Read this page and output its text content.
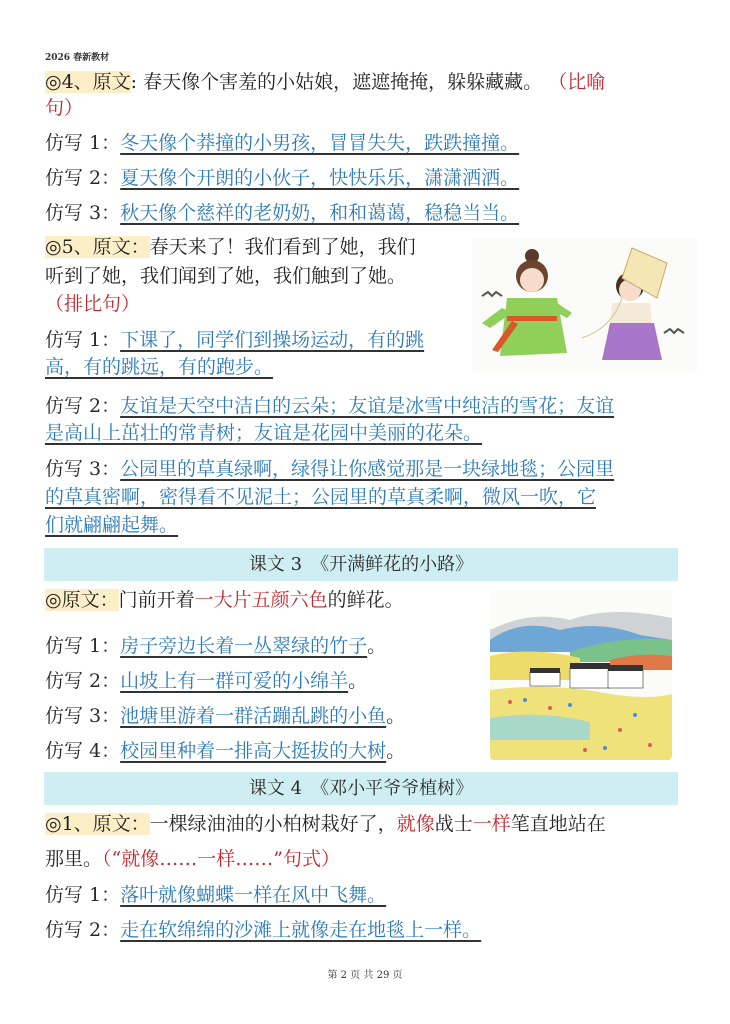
2026 春新教材
◎4、原文: 春天像个害羞的小姑娘，遮遮掩掩，躲躲藏藏。 （比喻
句）
仿写 1：冬天像个莽撞的小男孩，冒冒失失，跌跌撞撞。
仿写 2：夏天像个开朗的小伙子，快快乐乐，潇潇洒洒。
仿写 3：秋天像个慈祥的老奶奶，和和蔼蔼，稳稳当当。
◎5、原文：春天来了！我们看到了她，我们
听到了她，我们闻到了她，我们触到了她。
（排比句）
仿写 1：下课了，同学们到操场运动，有的跳
高，有的跳远，有的跑步。
仿写 2：友谊是天空中洁白的云朵；友谊是冰雪中纯洁的雪花；友谊
是高山上茁壮的常青树；友谊是花园中美丽的花朵。
仿写 3：公园里的草真绿啊，绿得让你感觉那是一块绿地毯；公园里
的草真密啊，密得看不见泥土；公园里的草真柔啊，微风一吹，它
们就翩翩起舞。
课文 3　《开满鲜花的小路》
◎原文：门前开着一大片五颜六色的鲜花。
仿写 1：房子旁边长着一丛翠绿的竹子。
仿写 2：山坡上有一群可爱的小绵羊。
仿写 3：池塘里游着一群活蹦乱跳的小鱼。
仿写 4：校园里种着一排高大挺拔的大树。
课文 4　《邓小平爷爷植树》
◎1、原文：一棵绿油油的小柏树栽好了，就像战士一样笔直地站在
那里。（“就像……一样……”句式）
仿写 1：落叶就像蝴蝶一样在风中飞舞。
仿写 2：走在软绵绵的沙滩上就像走在地毯上一样。
第 2 页 共 29 页
